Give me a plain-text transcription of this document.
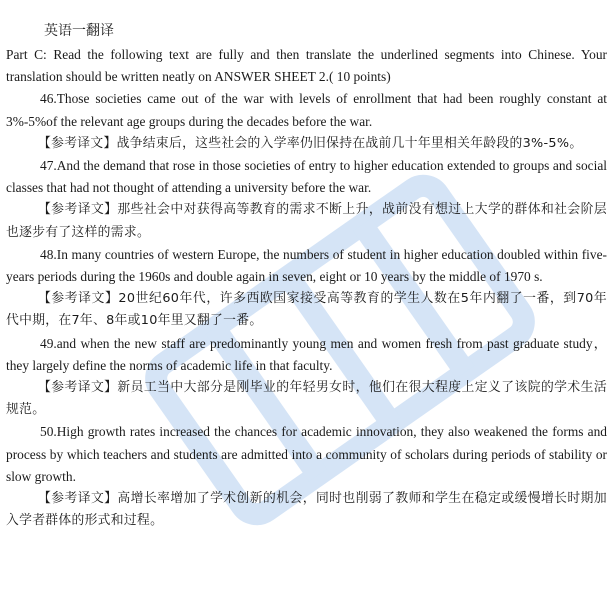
英语一翻译

Part C: Read the following text are fully and then translate the underlined segments into Chinese. Your translation should be written neatly on ANSWER SHEET 2.( 10 points)

46.Those societies came out of the war with levels of enrollment that had been roughly constant at 3%-5%of the relevant age groups during the decades before the war.

【参考译文】战争结束后，这些社会的入学率仍旧保持在战前几十年里相关年龄段的3%-5%。

47.And the demand that rose in those societies of entry to higher education extended to groups and social classes that had not thought of attending a university before the war.

【参考译文】那些社会中对获得高等教育的需求不断上升，战前没有想过上大学的群体和社会阶层也逐步有了这样的需求。

48.In many countries of western Europe, the numbers of student in higher education doubled within five-years periods during the 1960s and double again in seven, eight or 10 years by the middle of 1970 s.

【参考译文】20世纪60年代，许多西欧国家接受高等教育的学生人数在5年内翻了一番，到70年代中期，在7年、8年或10年里又翻了一番。

49.and when the new staff are predominantly young men and women fresh from past graduate study，they largely define the norms of academic life in that faculty.

【参考译文】新员工当中大部分是刚毕业的年轻男女时，他们在很大程度上定义了该院的学术生活规范。

50.High growth rates increased the chances for academic innovation, they also weakened the forms and process by which teachers and students are admitted into a community of scholars during periods of stability or slow growth.

【参考译文】高增长率增加了学术创新的机会，同时也削弱了教师和学生在稳定或缓慢增长时期加入学者群体的形式和过程。
